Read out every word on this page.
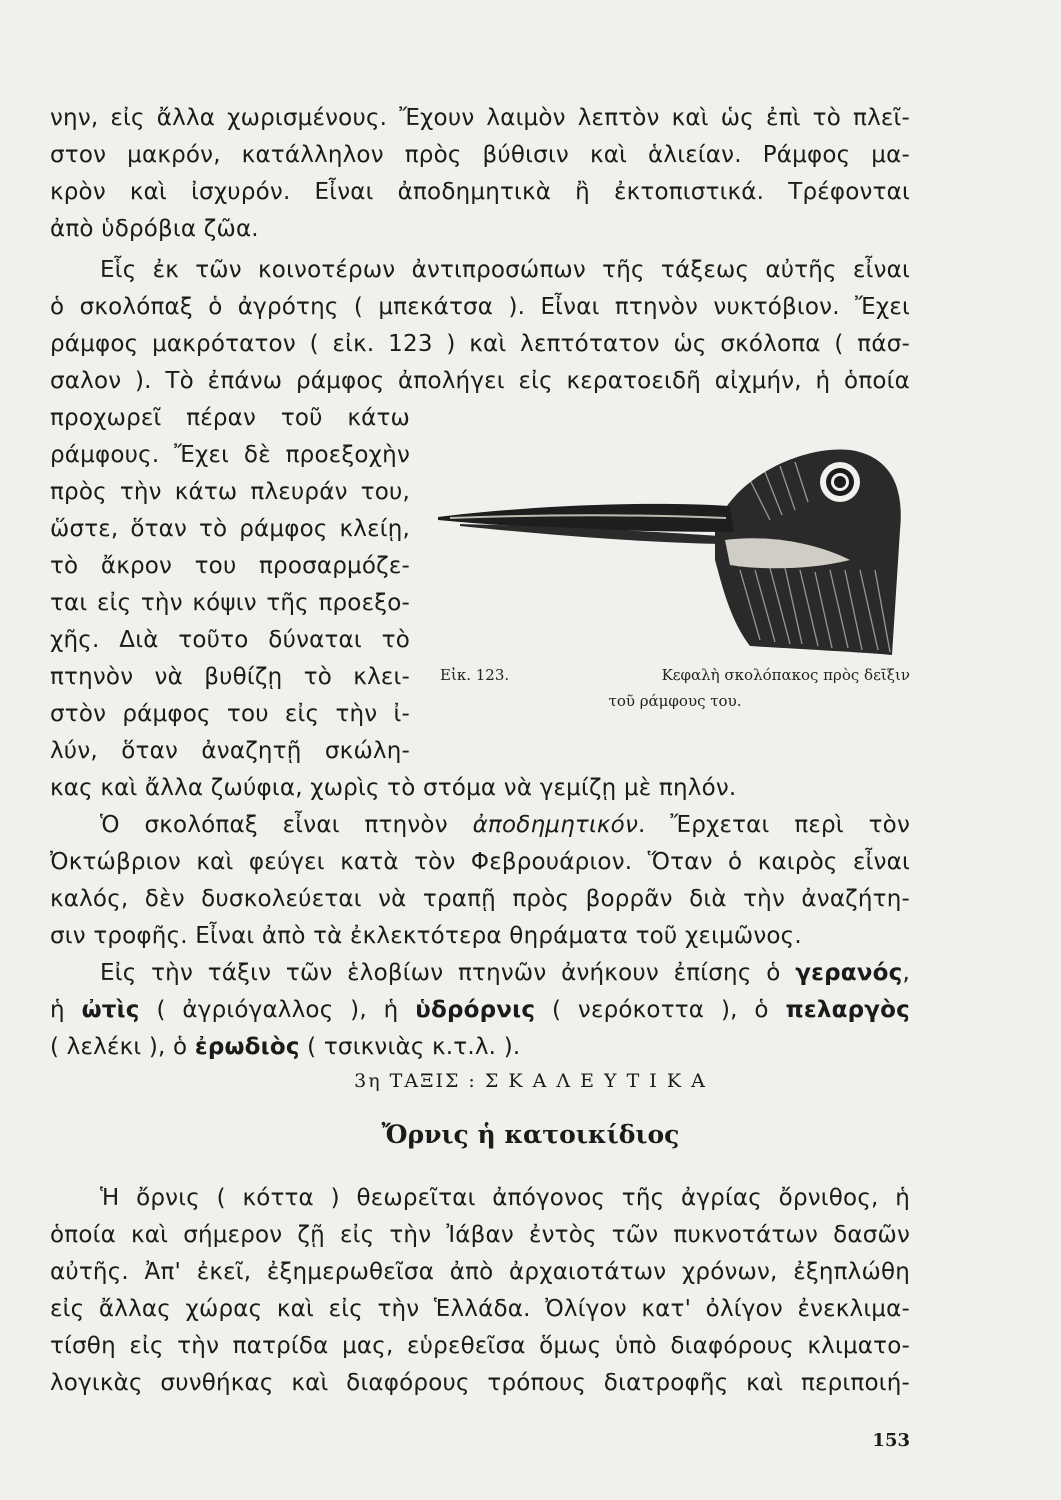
νην, εἰς ἄλλα χωρισμένους. Ἔχουν λαιμὸν λεπτὸν καὶ ὡς ἐπὶ τὸ πλεῖ-
στον μακρόν, κατάλληλον πρὸς βύθισιν καὶ ἁλιείαν. Ράμφος μα-
κρὸν καὶ ἰσχυρόν. Εἶναι ἀποδημητικὰ ἢ ἐκτοπιστικά. Τρέφονται
ἀπὸ ὑδρόβια ζῶα.
Εἷς ἐκ τῶν κοινοτέρων ἀντιπροσώπων τῆς τάξεως αὐτῆς εἶναι
ὁ σκολόπαξ ὁ ἀγρότης ( μπεκάτσα ). Εἶναι πτηνὸν νυκτόβιον. Ἔχει
ράμφος μακρότατον ( εἰκ. 123 ) καὶ λεπτότατον ὡς σκόλοπα ( πάσ-
σαλον ). Τὸ ἐπάνω ράμφος ἀπολήγει εἰς κερατοειδῆ αἰχμήν, ἡ ὁποία
προχωρεῖ πέραν τοῦ κάτω
ράμφους. Ἔχει δὲ προεξοχὴν
πρὸς τὴν κάτω πλευράν του,
ὥστε, ὅταν τὸ ράμφος κλείῃ,
τὸ ἄκρον του προσαρμόζε-
ται εἰς τὴν κόψιν τῆς προεξο-
χῆς. Διὰ τοῦτο δύναται τὸ
πτηνὸν νὰ βυθίζῃ τὸ κλει-
στὸν ράμφος του εἰς τὴν ἰ-
λύν, ὅταν ἀναζητῇ σκώλη-
Εἰκ. 123.	Κεφαλὴ σκολόπακος πρὸς δεῖξιν
τοῦ ράμφους του.
κας καὶ ἄλλα ζωύφια, χωρὶς τὸ στόμα νὰ γεμίζῃ μὲ πηλόν.
Ὁ σκολόπαξ εἶναι πτηνὸν ἀποδημητικόν. Ἔρχεται περὶ τὸν
Ὀκτώβριον καὶ φεύγει κατὰ τὸν Φεβρουάριον. Ὅταν ὁ καιρὸς εἶναι
καλός, δὲν δυσκολεύεται νὰ τραπῇ πρὸς βορρᾶν διὰ τὴν ἀναζήτη-
σιν τροφῆς. Εἶναι ἀπὸ τὰ ἐκλεκτότερα θηράματα τοῦ χειμῶνος.
Εἰς τὴν τάξιν τῶν ἑλοβίων πτηνῶν ἀνήκουν ἐπίσης ὁ γερανός,
ἡ ὠτὶς ( ἀγριόγαλλος ), ἡ ὑδρόρνις ( νερόκοττα ), ὁ πελαργὸς
( λελέκι ), ὁ ἐρωδιὸς ( τσικνιὰς κ.τ.λ. ).
3η ΤΑΞΙΣ : Σ Κ Α Λ Ε Υ Τ Ι Κ Α
Ὄρνις ἡ κατοικίδιος
Ἡ ὄρνις ( κόττα ) θεωρεῖται ἀπόγονος τῆς ἀγρίας ὄρνιθος, ἡ
ὁποία καὶ σήμερον ζῇ εἰς τὴν Ἰάβαν ἐντὸς τῶν πυκνοτάτων δασῶν
αὐτῆς. Ἀπ' ἐκεῖ, ἐξημερωθεῖσα ἀπὸ ἀρχαιοτάτων χρόνων, ἐξηπλώθη
εἰς ἄλλας χώρας καὶ εἰς τὴν Ἑλλάδα. Ὀλίγον κατ' ὀλίγον ἐνεκλιμα-
τίσθη εἰς τὴν πατρίδα μας, εὑρεθεῖσα ὅμως ὑπὸ διαφόρους κλιματο-
λογικὰς συνθήκας καὶ διαφόρους τρόπους διατροφῆς καὶ περιποιή-
153
